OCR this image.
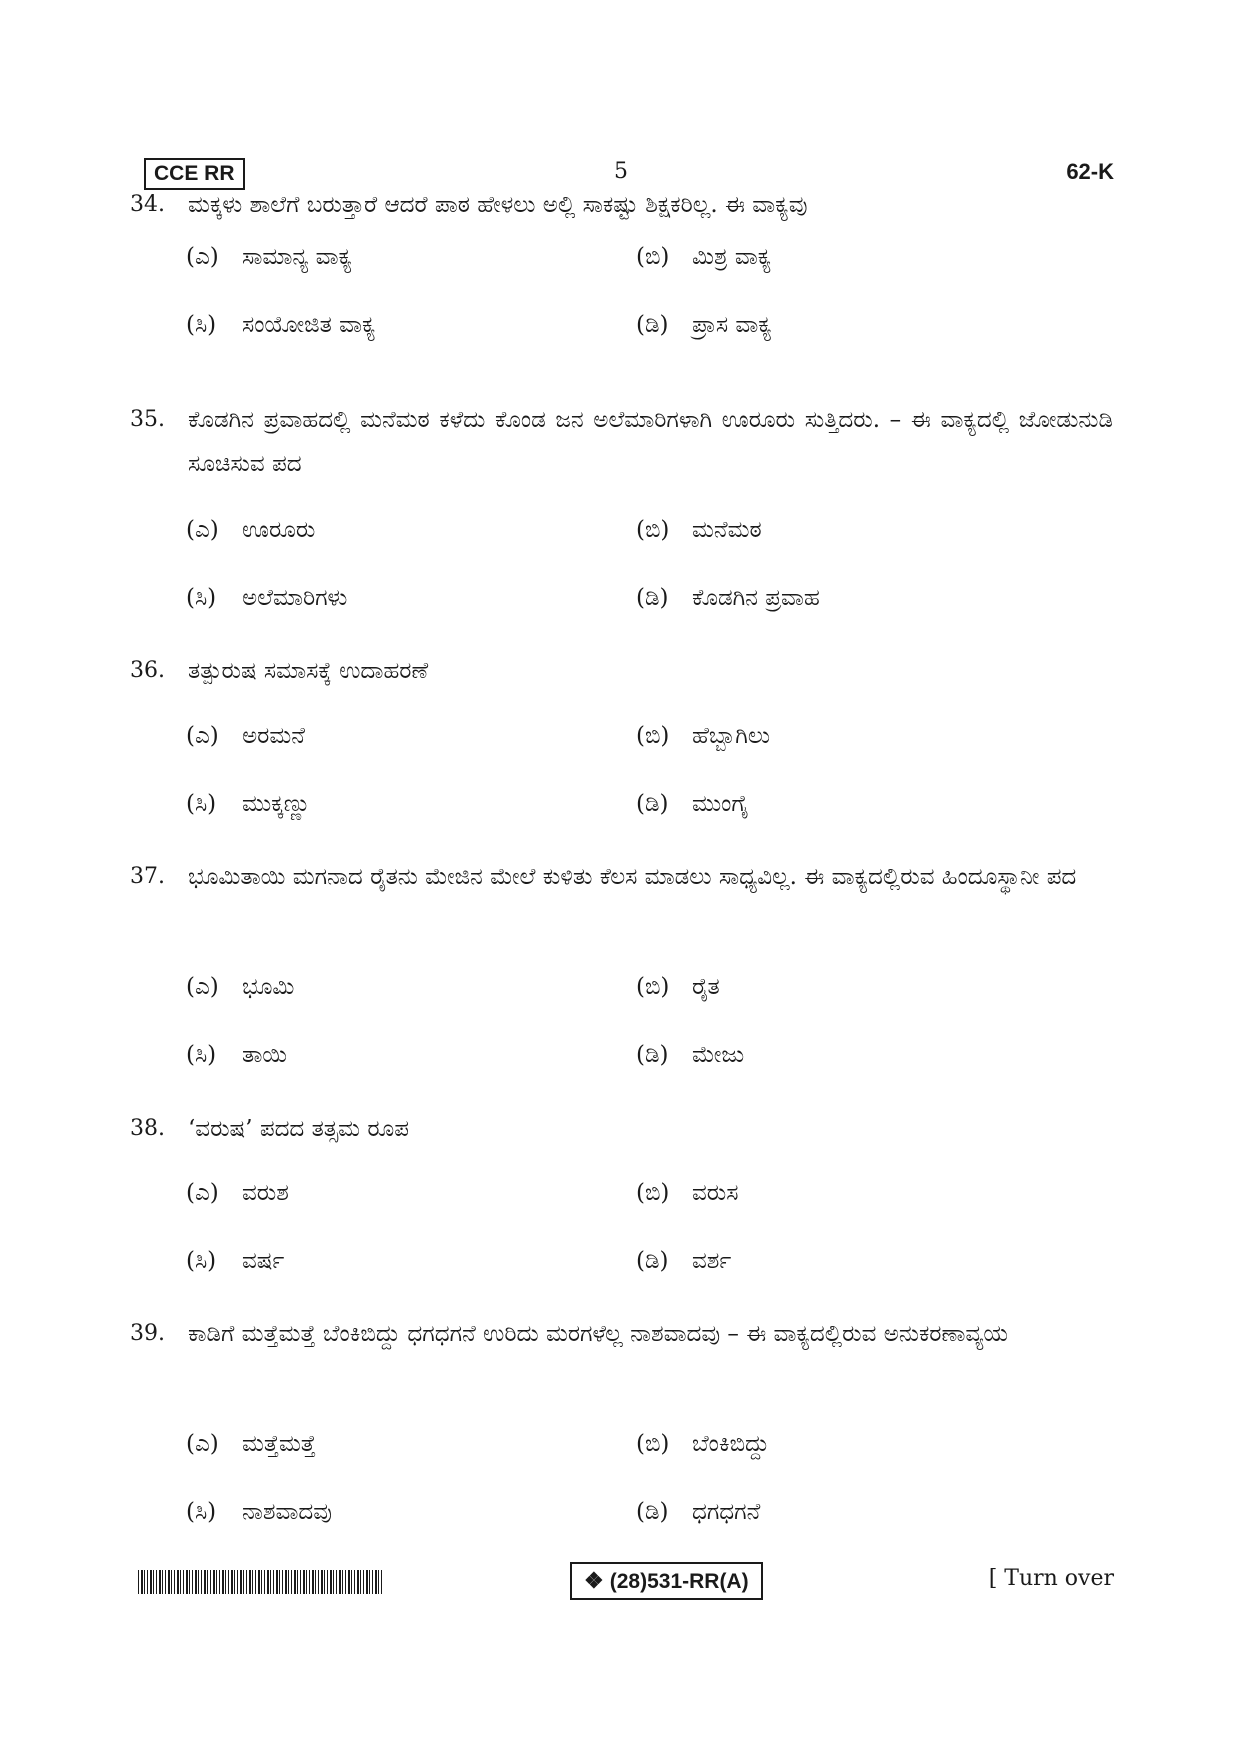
CCE RR	5	62-K
34. ಮಕ್ಕಳು ಶಾಲೆಗೆ ಬರುತ್ತಾರೆ ಆದರೆ ಪಾಠ ಹೇಳಲು ಅಲ್ಲಿ ಸಾಕಷ್ಟು ಶಿಕ್ಷಕರಿಲ್ಲ. ಈ ವಾಕ್ಯವು
(ಎ) ಸಾಮಾನ್ಯ ವಾಕ್ಯ	(ಬಿ) ಮಿಶ್ರ ವಾಕ್ಯ
(ಸಿ) ಸಂಯೋಜಿತ ವಾಕ್ಯ	(ಡಿ) ಪ್ರಾಸ ವಾಕ್ಯ
35. ಕೊಡಗಿನ ಪ್ರವಾಹದಲ್ಲಿ ಮನೆಮಠ ಕಳೆದು ಕೊಂಡ ಜನ ಅಲೆಮಾರಿಗಳಾಗಿ ಊರೂರು ಸುತ್ತಿದರು. – ಈ ವಾಕ್ಯದಲ್ಲಿ ಜೋಡುನುಡಿ ಸೂಚಿಸುವ ಪದ
(ಎ) ಊರೂರು	(ಬಿ) ಮನೆಮಠ
(ಸಿ) ಅಲೆಮಾರಿಗಳು	(ಡಿ) ಕೊಡಗಿನ ಪ್ರವಾಹ
36. ತತ್ಪುರುಷ ಸಮಾಸಕ್ಕೆ ಉದಾಹರಣೆ
(ಎ) ಅರಮನೆ	(ಬಿ) ಹೆಬ್ಬಾಗಿಲು
(ಸಿ) ಮುಕ್ಕಣ್ಣು	(ಡಿ) ಮುಂಗೈ
37. ಭೂಮಿತಾಯಿ ಮಗನಾದ ರೈತನು ಮೇಜಿನ ಮೇಲೆ ಕುಳಿತು ಕೆಲಸ ಮಾಡಲು ಸಾಧ್ಯವಿಲ್ಲ. ಈ ವಾಕ್ಯದಲ್ಲಿರುವ ಹಿಂದೂಸ್ಥಾನೀ ಪದ
(ಎ) ಭೂಮಿ	(ಬಿ) ರೈತ
(ಸಿ) ತಾಯಿ	(ಡಿ) ಮೇಜು
38. ‘ವರುಷ’ ಪದದ ತತ್ಸಮ ರೂಪ
(ಎ) ವರುಶ	(ಬಿ) ವರುಸ
(ಸಿ) ವರ್ಷ	(ಡಿ) ವರ್ಶ
39. ಕಾಡಿಗೆ ಮತ್ತೆಮತ್ತೆ ಬೆಂಕಿಬಿದ್ದು ಧಗಧಗನೆ ಉರಿದು ಮರಗಳೆಲ್ಲ ನಾಶವಾದವು – ಈ ವಾಕ್ಯದಲ್ಲಿರುವ ಅನುಕರಣಾವ್ಯಯ
(ಎ) ಮತ್ತೆಮತ್ತೆ	(ಬಿ) ಬೆಂಕಿಬಿದ್ದು
(ಸಿ) ನಾಶವಾದವು	(ಡಿ) ಧಗಧಗನೆ
❖ (28)531-RR(A)	[ Turn over
